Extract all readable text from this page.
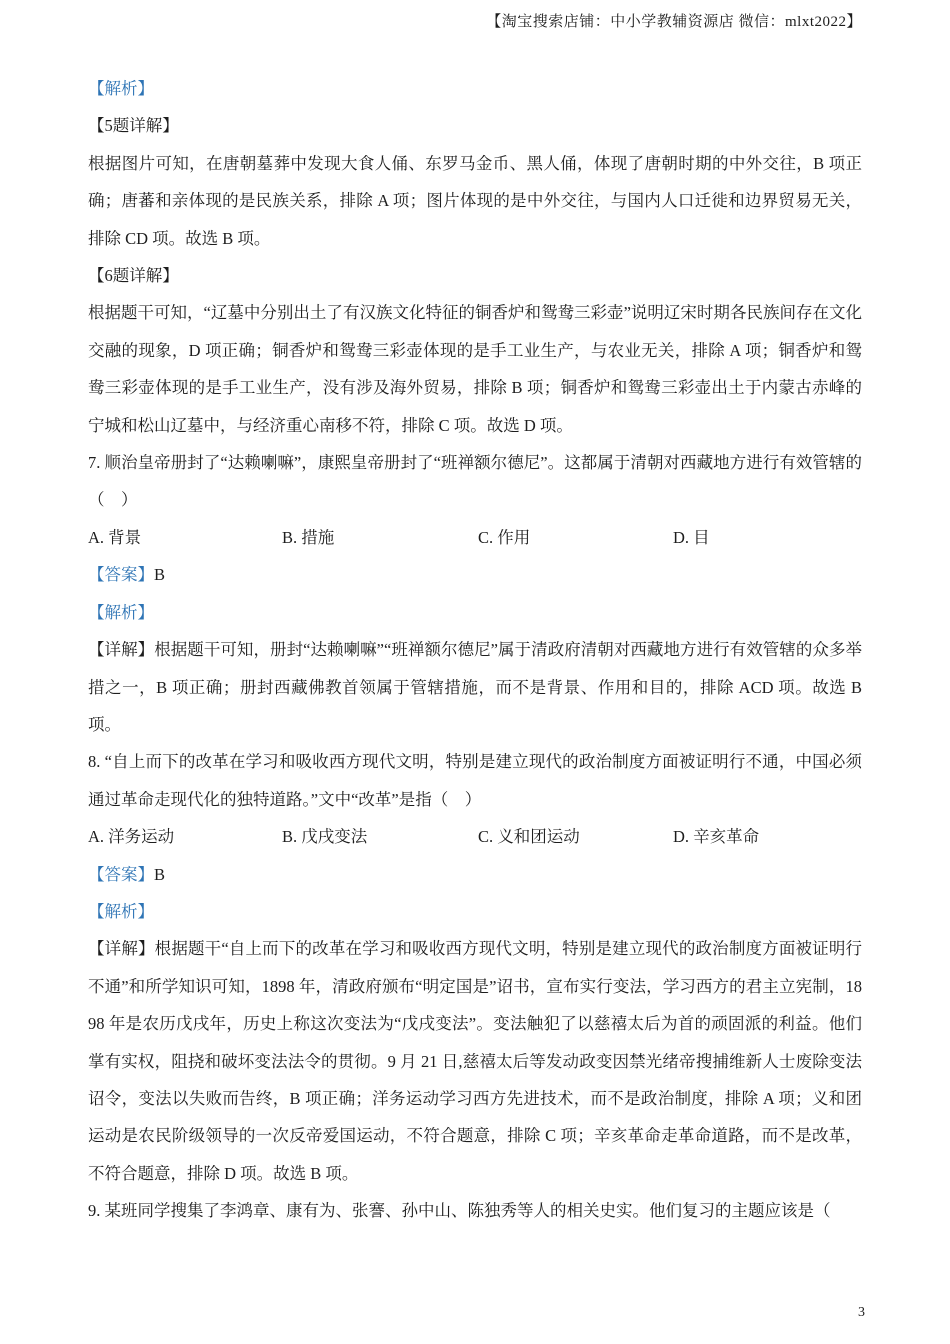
【淘宝搜索店铺：中小学教辅资源店 微信：mlxt2022】

【解析】

【5题详解】

根据图片可知，在唐朝墓葬中发现大食人俑、东罗马金币、黑人俑，体现了唐朝时期的中外交往，B 项正确；唐蕃和亲体现的是民族关系，排除 A 项；图片体现的是中外交往，与国内人口迁徙和边界贸易无关，排除 CD 项。故选 B 项。

【6题详解】

根据题干可知，“辽墓中分别出土了有汉族文化特征的铜香炉和鸳鸯三彩壶”说明辽宋时期各民族间存在文化交融的现象，D 项正确；铜香炉和鸳鸯三彩壶体现的是手工业生产，与农业无关，排除 A 项；铜香炉和鸳鸯三彩壶体现的是手工业生产，没有涉及海外贸易，排除 B 项；铜香炉和鸳鸯三彩壶出土于内蒙古赤峰的宁城和松山辽墓中，与经济重心南移不符，排除 C 项。故选 D 项。

7. 顺治皇帝册封了“达赖喇嘛”，康熙皇帝册封了“班禅额尔德尼”。这都属于清朝对西藏地方进行有效管辖的（　）

A. 背景	B. 措施	C. 作用	D. 目

【答案】B

【解析】

【详解】根据题干可知，册封“达赖喇嘛”“班禅额尔德尼”属于清政府清朝对西藏地方进行有效管辖的众多举措之一，B 项正确；册封西藏佛教首领属于管辖措施，而不是背景、作用和目的，排除 ACD 项。故选 B 项。

8. “自上而下的改革在学习和吸收西方现代文明，特别是建立现代的政治制度方面被证明行不通，中国必须通过革命走现代化的独特道路。”文中“改革”是指（　）

A. 洋务运动	B. 戊戌变法	C. 义和团运动	D. 辛亥革命

【答案】B

【解析】

【详解】根据题干“自上而下的改革在学习和吸收西方现代文明，特别是建立现代的政治制度方面被证明行不通”和所学知识可知，1898 年，清政府颁布“明定国是”诏书，宣布实行变法，学习西方的君主立宪制，1898 年是农历戊戌年，历史上称这次变法为“戊戌变法”。变法触犯了以慈禧太后为首的顽固派的利益。他们掌有实权，阻挠和破坏变法法令的贯彻。9 月 21 日,慈禧太后等发动政变因禁光绪帝搜捕维新人士废除变法诏令，变法以失败而告终，B 项正确；洋务运动学习西方先进技术，而不是政治制度，排除 A 项；义和团运动是农民阶级领导的一次反帝爱国运动，不符合题意，排除 C 项；辛亥革命走革命道路，而不是改革，不符合题意，排除 D 项。故选 B 项。

9. 某班同学搜集了李鸿章、康有为、张謇、孙中山、陈独秀等人的相关史实。他们复习的主题应该是（

3
